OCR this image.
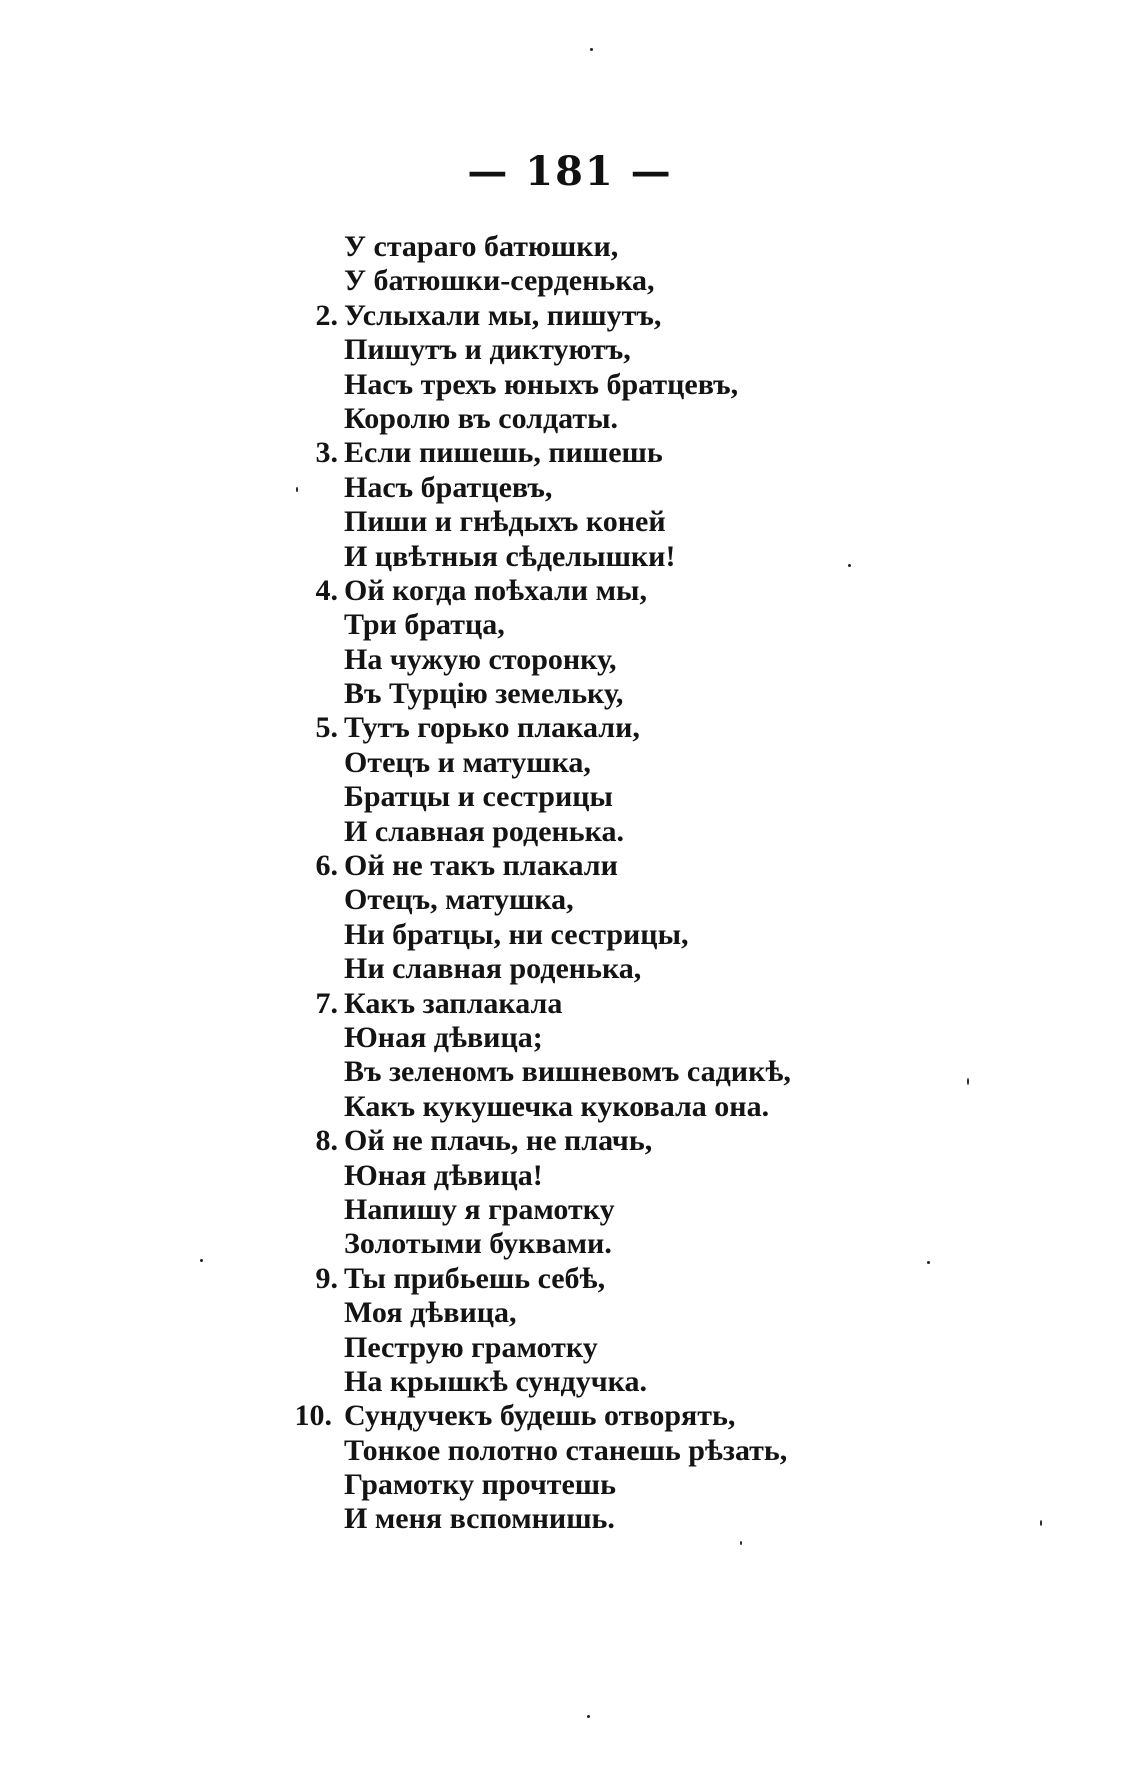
— 181 —
У стараго батюшки,
У батюшки-серденька,
2. Услыхали мы, пишутъ,
Пишутъ и диктуютъ,
Насъ трехъ юныхъ братцевъ,
Королю въ солдаты.
3. Если пишешь, пишешь
Насъ братцевъ,
Пиши и гнѣдыхъ коней
И цвѣтныя сѣделышки!
4. Ой когда поѣхали мы,
Три братца,
На чужую сторонку,
Въ Турцію земельку,
5. Тутъ горько плакали,
Отецъ и матушка,
Братцы и сестрицы
И славная роденька.
6. Ой не такъ плакали
Отецъ, матушка,
Ни братцы, ни сестрицы,
Ни славная роденька,
7. Какъ заплакала
Юная дѣвица;
Въ зеленомъ вишневомъ садикѣ,
Какъ кукушечка куковала она.
8. Ой не плачь, не плачь,
Юная дѣвица!
Напишу я грамотку
Золотыми буквами.
9. Ты прибьешь себѣ,
Моя дѣвица,
Пеструю грамотку
На крышкѣ сундучка.
10. Сундучекъ будешь отворять,
Тонкое полотно станешь рѣзать,
Грамотку прочтешь
И меня вспомнишь.
